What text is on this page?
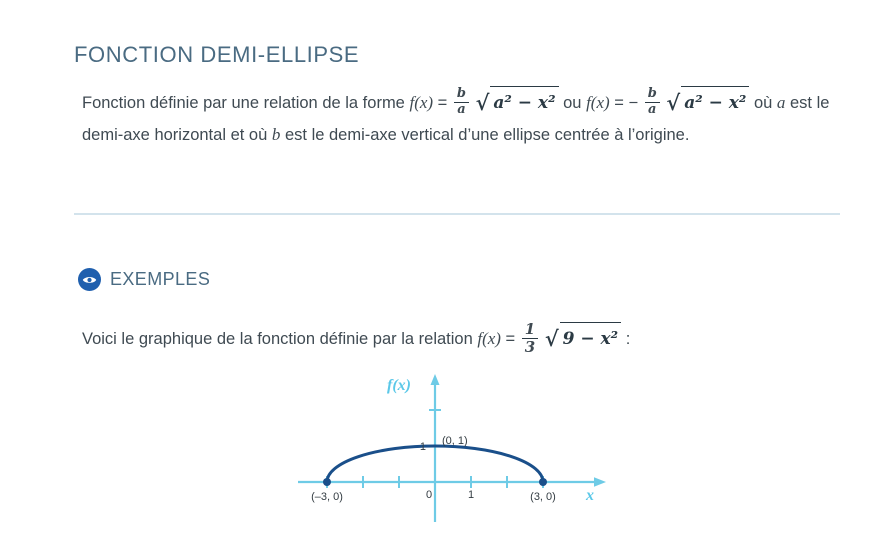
FONCTION DEMI-ELLIPSE
Fonction définie par une relation de la forme $f(x) = \frac{b}{a}$ √ a² − x² ou f(x) = − $\frac{b}{a}$ √ a² − x² où a est le demi-axe horizontal et où b est le demi-axe vertical d’une ellipse centrée à l’origine.
EXEMPLES
Voici le graphique de la fonction définie par la relation $f(x) = \frac{1}{3}$ √ 9 − x² :
f(x)
x
(0, 1)
(–3, 0)	(3, 0)
1
0	1
